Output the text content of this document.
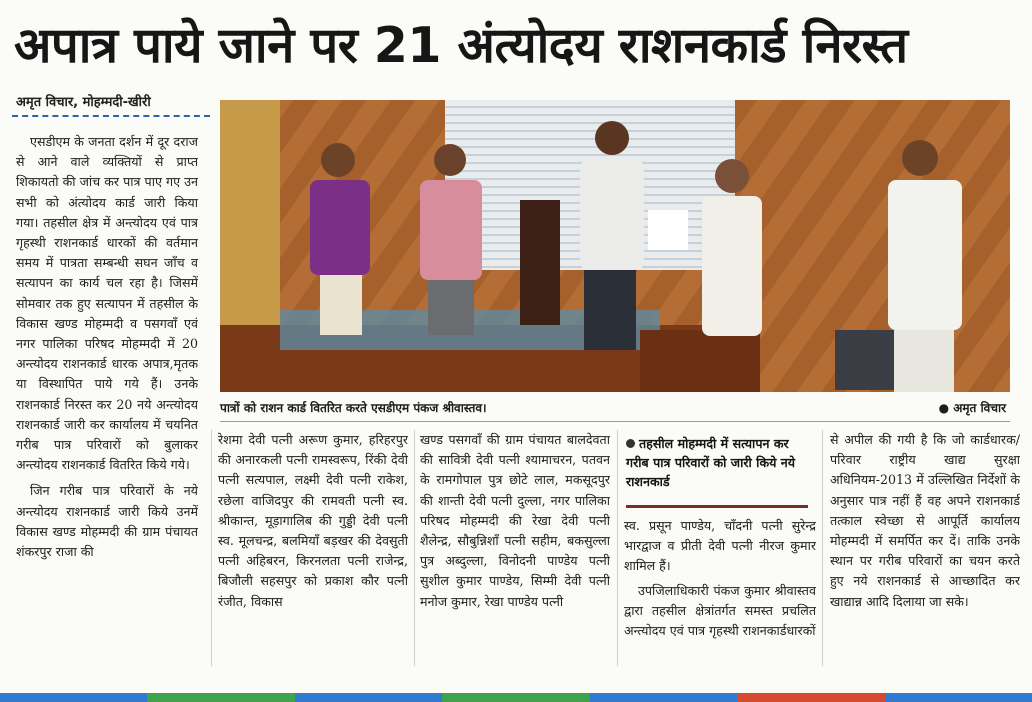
अपात्र पाये जाने पर 21 अंत्योदय राशनकार्ड निरस्त
अमृत विचार, मोहम्मदी-खीरी

एसडीएम के जनता दर्शन में दूर दराज से आने वाले व्यक्तियों से प्राप्त शिकायतो की जांच कर पात्र पाए गए उन सभी को अंत्योदय कार्ड जारी किया गया। तहसील क्षेत्र में अन्त्योदय एवं पात्र गृहस्थी राशनकार्ड धारकों की वर्तमान समय में पात्रता सम्बन्धी सघन जाँच व सत्यापन का कार्य चल रहा है। जिसमें सोमवार तक हुए सत्यापन में तहसील के विकास खण्ड मोहम्मदी व पसगवाँ एवं नगर पालिका परिषद मोहम्मदी में 20 अन्त्योदय राशनकार्ड धारक अपात्र,मृतक या विस्थापित पाये गये हैं। उनके राशनकार्ड निरस्त कर 20 नये अन्त्योदय राशनकार्ड जारी कर कार्यालय में चयनित गरीब पात्र परिवारों को बुलाकर अन्त्योदय राशनकार्ड वितरित किये गये।

जिन गरीब पात्र परिवारों के नये अन्त्योदय राशनकार्ड जारी किये उनमें विकास खण्ड मोहम्मदी की ग्राम पंचायत शंकरपुर राजा की

पात्रों को राशन कार्ड वितरित करते एसडीएम पंकज श्रीवास्तव।	● अमृत विचार

रेशमा देवी पत्नी अरूण कुमार, हरिहरपुर की अनारकली पत्नी रामस्वरूप, रिंकी देवी पत्नी सत्यपाल, लक्ष्मी देवी पत्नी राकेश, रछेला वाजिदपुर की रामवती पत्नी स्व. श्रीकान्त, मूड़ागालिब की गुड्डी देवी पत्नी स्व. मूलचन्द्र, बलमियाँ बड़खर की देवसुती पत्नी अहिबरन, किरनलता पत्नी राजेन्द्र, बिजौली सहसपुर को प्रकाश कौर पत्नी रंजीत, विकास

खण्ड पसगवाँ की ग्राम पंचायत बालदेवता की सावित्री देवी पत्नी श्यामाचरन, पतवन के रामगोपाल पुत्र छोटे लाल, मकसूदपुर की शान्ती देवी पत्नी दुल्ला, नगर पालिका परिषद मोहम्मदी की रेखा देवी पत्नी शैलेन्द्र, सौबुन्निशाँ पत्नी सहीम, बकसुल्ला पुत्र अब्दुल्ला, विनोदनी पाण्डेय पत्नी सुशील कुमार पाण्डेय, सिम्मी देवी पत्नी मनोज कुमार, रेखा पाण्डेय पत्नी

तहसील मोहम्मदी में सत्यापन कर गरीब पात्र परिवारों को जारी किये नये राशनकार्ड

स्व. प्रसून पाण्डेय, चाँदनी पत्नी सुरेन्द्र भारद्वाज व प्रीती देवी पत्नी नीरज कुमार शामिल हैं।

उपजिलाधिकारी पंकज कुमार श्रीवास्तव द्वारा तहसील क्षेत्रांतर्गत समस्त प्रचलित अन्त्योदय एवं पात्र गृहस्थी राशनकार्डधारकों

से अपील की गयी है कि जो कार्डधारक/परिवार राष्ट्रीय खाद्य सुरक्षा अधिनियम-2013 में उल्लिखित निर्देशों के अनुसार पात्र नहीं हैं वह अपने राशनकार्ड तत्काल स्वेच्छा से आपूर्ति कार्यालय मोहम्मदी में समर्पित कर दें। ताकि उनके स्थान पर गरीब परिवारों का चयन करते हुए नये राशनकार्ड से आच्छादित कर खाद्यान्न आदि दिलाया जा सके।
